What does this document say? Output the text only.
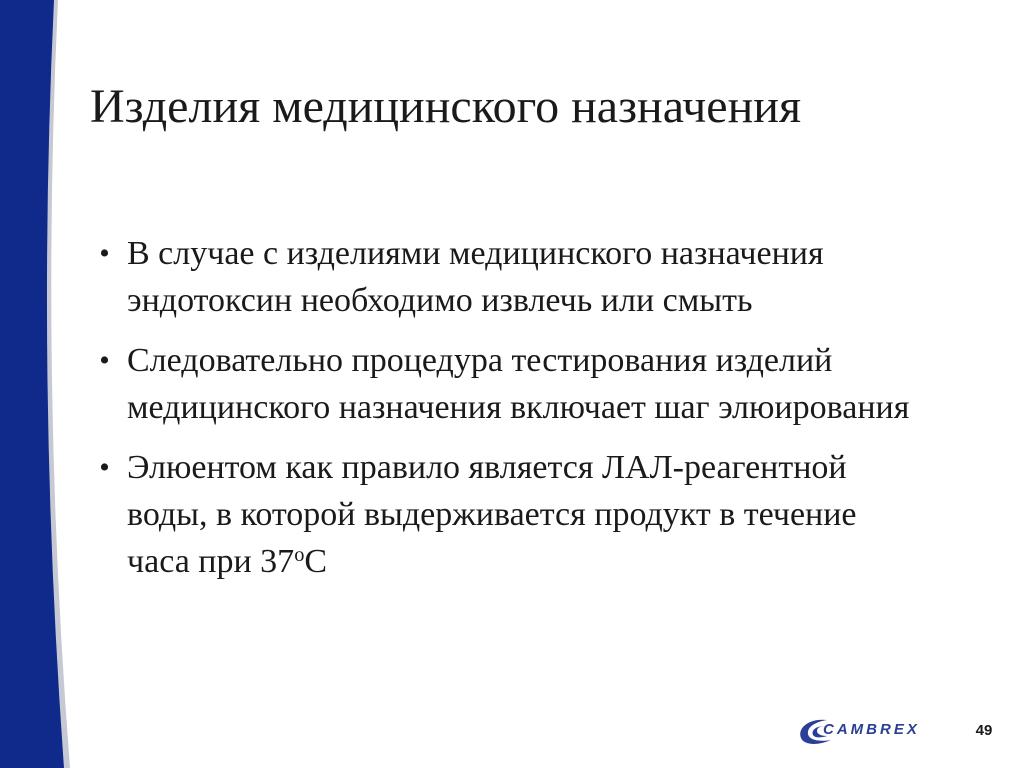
Изделия медицинского назначения
• В случае с изделиями медицинского назначения эндотоксин необходимо извлечь или смыть
• Следовательно процедура тестирования изделий медицинского назначения включает шаг элюирования
• Элюентом как правило является ЛАЛ-реагентной воды, в которой выдерживается продукт в течение часа при $37^оС$
CAMBREX	49
